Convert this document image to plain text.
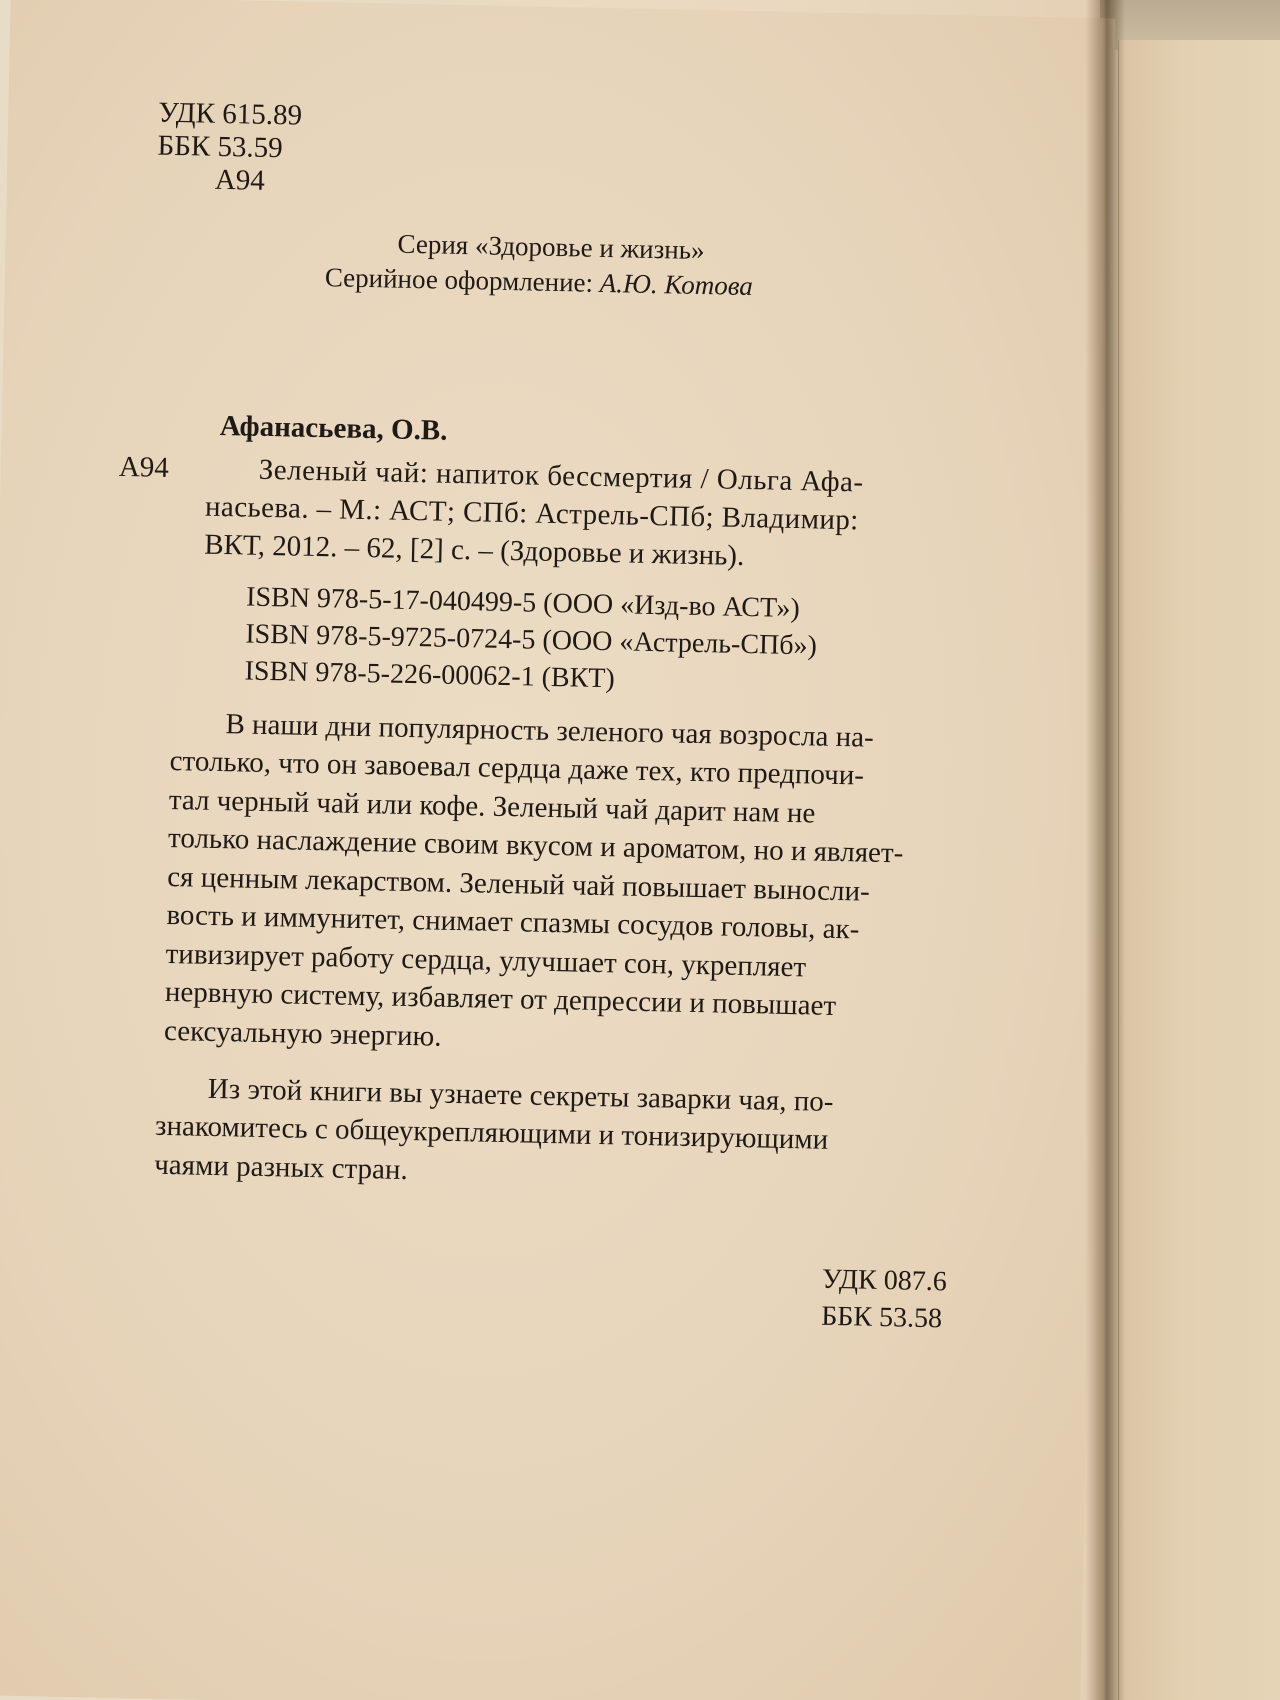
УДК 615.89
ББК 53.59
А94
Серия «Здоровье и жизнь»
Серийное оформление: А.Ю. Котова
Афанасьева, О.В.
А94	Зеленый чай: напиток бессмертия / Ольга Афа-
насьева. – М.: АСТ; СПб: Астрель-СПб; Владимир:
ВКТ, 2012. – 62, [2] с. – (Здоровье и жизнь).
ISBN 978-5-17-040499-5 (ООО «Изд-во АСТ»)
ISBN 978-5-9725-0724-5 (ООО «Астрель-СПб»)
ISBN 978-5-226-00062-1 (ВКТ)
В наши дни популярность зеленого чая возросла на-
столько, что он завоевал сердца даже тех, кто предпочи-
тал черный чай или кофе. Зеленый чай дарит нам не
только наслаждение своим вкусом и ароматом, но и являет-
ся ценным лекарством. Зеленый чай повышает выносли-
вость и иммунитет, снимает спазмы сосудов головы, ак-
тивизирует работу сердца, улучшает сон, укрепляет
нервную систему, избавляет от депрессии и повышает
сексуальную энергию.
Из этой книги вы узнаете секреты заварки чая, по-
знакомитесь с общеукрепляющими и тонизирующими
чаями разных стран.
УДК 087.6
ББК 53.58
